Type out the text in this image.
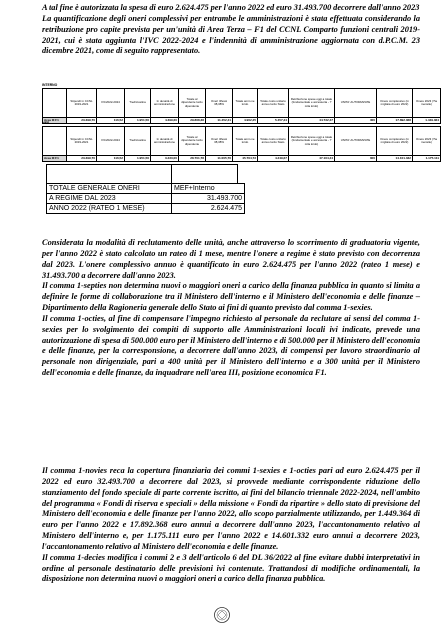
A tal fine è autorizzata la spesa di euro 2.624.475 per l'anno 2022 ed euro 31.493.700 decorrere dall'anno 2023
La quantificazione degli oneri complessivi per entrambe le amministrazioni è stata effettuata considerando la retribuzione pro capite prevista per un'unità di Area Terza – F1 del CCNL Comparto funzioni centrali 2019-2021, cui è stata aggiunta l'IVC 2022-2024 e l'indennità di amministrazione aggiornata con d.P.C.M. 23 dicembre 2021, come di seguito rappresentato.
INTERNO
	Stipendi in CCNL 2019-2021	IVC2022-2024	Tred/ciostina	In denaità di amministrazione	Totale al dipendente lordo dipendente	Oneri riflessi 38,38%	Totale amm.ne lordo	Totale costo unitario annuo lordo Stato	Retribuzione spese oggi a totale (fondamentale e accessoria - ? mila lordo)	UNITA' AUTORIZZATE	Onere complessivo (in migliaia di euro 2022)	Onere 2023 (?ta mensile)
Area III F1	23.399,70	116,52	1.951,56	4.399,60	29.868,38	11.452,41	4.962,25	5.457,24	44.732,47	400	17.892.368	1.449.364
MEF
	Stipendi in CCNL 2019-2021	IVC2022-2024	Tred/ciostina	In denaità di amministrazione	Totale al dipendente lordo dipendente	Oneri riflessi 38,38%	Totale amm.ne lordo	Totale costo unitario annuo lordo Stato	Retribuzione spese oggi a totale (fondamentale e accessoria - ? mila lordo)	UNITA' AUTORIZZATE	Onere complessivo (in migliaia di euro 2022)	Onere 2023 (?ta mensile)
Area III F1	23.399,70	116,52	1.951,56	3.233,00	28.701,78	11.005,76	45.764,73	4.249,67	47.164,44	300	14.101.332	1.175.111
TOTALE GENERALE ONERI	MEF+Interno
A REGIME DAL 2023	31.493.700
ANNO 2022 (RATEO 1 MESE)	2.624.475
Considerata la modalità di reclutamento delle unità, anche attraverso lo scorrimento di graduatoria vigente, per l'anno 2022 è stato calcolato un rateo di 1 mese, mentre l'onere a regime è stato previsto con decorrenza dal 2023. L'onere complessivo annuo è quantificato in euro 2.624.475 per l'anno 2022 (rateo 1 mese) e 31.493.700 a decorrere dall'anno 2023.
Il comma 1-septies non determina nuovi o maggiori oneri a carico della finanza pubblica in quanto si limita a definire le forme di collaborazione tra il Ministero dell'interno e il Ministero dell'economia e delle finanze –Dipartimento della Ragioneria generale dello Stato ai fini di quanto previsto dal comma 1-sexies.
Il comma 1-octies, al fine di compensare l'impegno richiesto al personale da reclutare ai sensi del comma 1-sexies per lo svolgimento dei compiti di supporto alle Amministrazioni locali ivi indicate, prevede una autorizzazione di spesa di 500.000 euro per il Ministero dell'interno e di 500.000 per il Ministero dell'economia e delle finanze, per la corresponsione, a decorrere dall'anno 2023, di compensi per lavoro straordinario al personale non dirigenziale, pari a 400 unità per il Ministero dell'interno e a 300 unità per il Ministero dell'economia e delle finanze, da inquadrare nell'area III, posizione economica F1.
Il comma 1-novies reca la copertura finanziaria dei commi 1-sexies e 1-octies pari ad euro 2.624.475 per il 2022 ed euro 32.493.700 a decorrere dal 2023, si provvede mediante corrispondente riduzione dello stanziamento del fondo speciale di parte corrente iscritto, ai fini del bilancio triennale 2022-2024, nell'ambito del programma « Fondi di riserva e speciali » della missione « Fondi da ripartire » dello stato di previsione del Ministero dell'economia e delle finanze per l'anno 2022, allo scopo parzialmente utilizzando, per 1.449.364 di euro per l'anno 2022 e 17.892.368 euro annui a decorrere dall'anno 2023, l'accantonamento relativo al Ministero dell'interno e, per 1.175.111 euro per l'anno 2022 e 14.601.332 euro annui a decorrere 2023, l'accantonamento relativo al Ministero dell'economia e delle finanze.
Il comma 1-decies modifica i commi 2 e 3 dell'articolo 6 del DL 36/2022 al fine evitare dubbi interpretativi in ordine al personale destinatario delle previsioni ivi contenute. Trattandosi di modifiche ordinamentali, la disposizione non determina nuovi o maggiori oneri a carico della finanza pubblica.
